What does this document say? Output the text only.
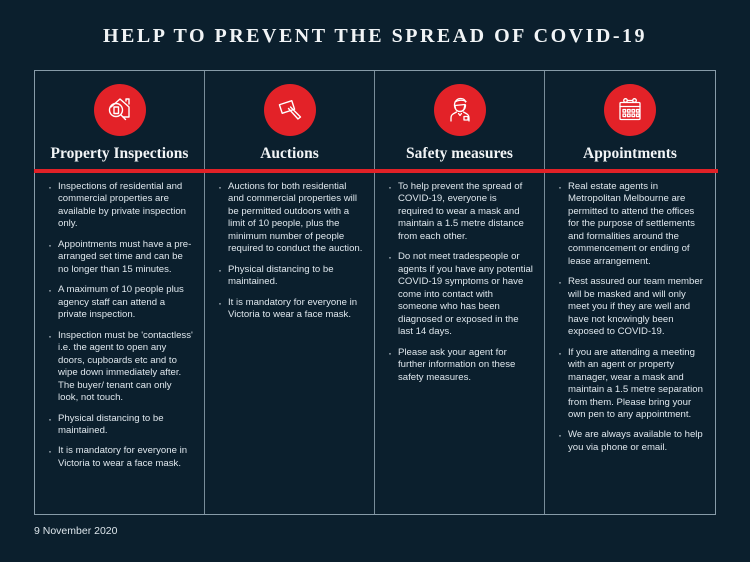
HELP TO PREVENT THE SPREAD OF COVID-19
Property Inspections
· Inspections of residential and commercial properties are available by private inspection only.
· Appointments must have a pre-arranged set time and can be no longer than 15 minutes.
· A maximum of 10 people plus agency staff can attend a private inspection.
· Inspection must be 'contactless' i.e. the agent to open any doors, cupboards etc and to wipe down immediately after. The buyer/ tenant can only look, not touch.
· Physical distancing to be maintained.
· It is mandatory for everyone in Victoria to wear a face mask.
Auctions
· Auctions for both residential and commercial properties will be permitted outdoors with a limit of 10 people, plus the minimum number of people required to conduct the auction.
· Physical distancing to be maintained.
· It is mandatory for everyone in Victoria to wear a face mask.
Safety measures
· To help prevent the spread of COVID-19, everyone is required to wear a mask and maintain a 1.5 metre distance from each other.
· Do not meet tradespeople or agents if you have any potential COVID-19 symptoms or have come into contact with someone who has been diagnosed or exposed in the last 14 days.
· Please ask your agent for further information on these safety measures.
Appointments
· Real estate agents in Metropolitan Melbourne are permitted to attend the offices for the purpose of settlements and formalities around the commencement or ending of lease arrangement.
· Rest assured our team member will be masked and will only meet you if they are well and have not knowingly been exposed to COVID-19.
· If you are attending a meeting with an agent or property manager, wear a mask and maintain a 1.5 metre separation from them. Please bring your own pen to any appointment.
· We are always available to help you via phone or email.
9 November 2020
